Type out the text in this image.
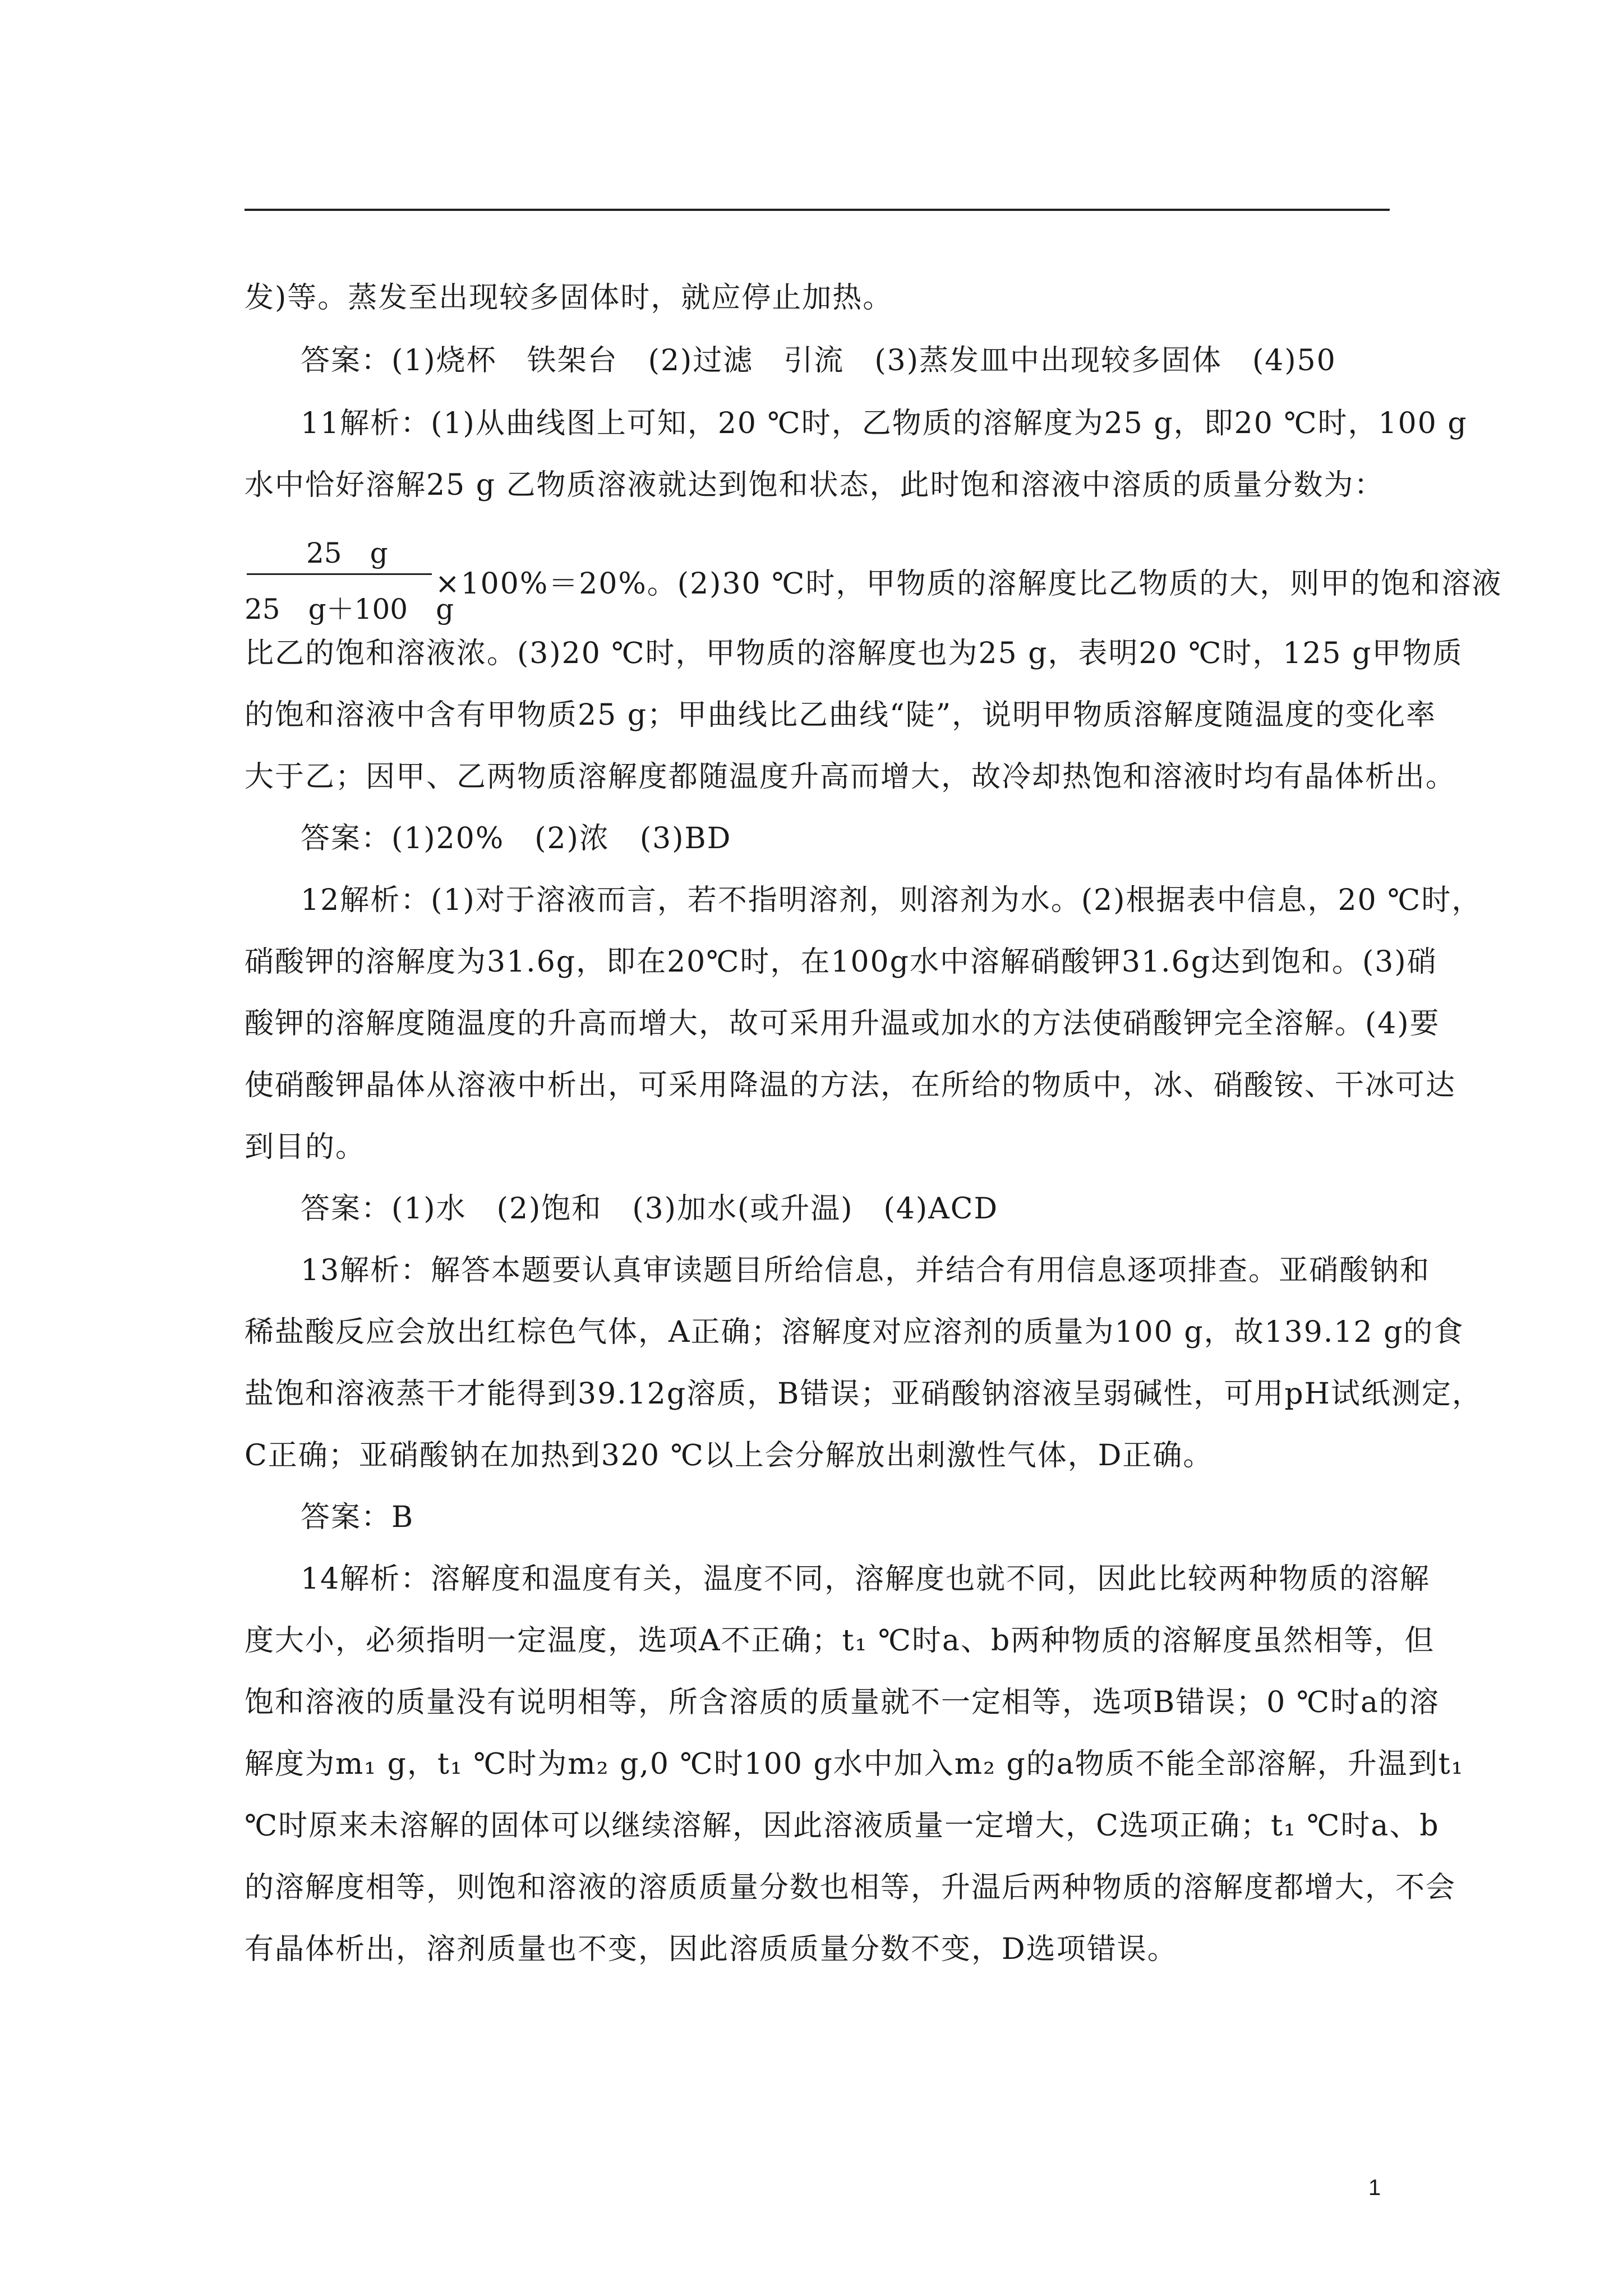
发)等。蒸发至出现较多固体时，就应停止加热。
答案：(1)烧杯　铁架台　(2)过滤　引流　(3)蒸发皿中出现较多固体　(4)50
11解析：(1)从曲线图上可知，20 ℃时，乙物质的溶解度为25 g，即20 ℃时，100 g
水中恰好溶解25 g 乙物质溶液就达到饱和状态，此时饱和溶液中溶质的质量分数为：
25　g
25　g＋100　g
×100%＝20%。(2)30 ℃时，甲物质的溶解度比乙物质的大，则甲的饱和溶液
比乙的饱和溶液浓。(3)20 ℃时，甲物质的溶解度也为25 g，表明20 ℃时，125 g甲物质
的饱和溶液中含有甲物质25 g；甲曲线比乙曲线“陡”，说明甲物质溶解度随温度的变化率
大于乙；因甲、乙两物质溶解度都随温度升高而增大，故冷却热饱和溶液时均有晶体析出。
答案：(1)20%　(2)浓　(3)BD
12解析：(1)对于溶液而言，若不指明溶剂，则溶剂为水。(2)根据表中信息，20 ℃时，
硝酸钾的溶解度为31.6g，即在20℃时，在100g水中溶解硝酸钾31.6g达到饱和。(3)硝
酸钾的溶解度随温度的升高而增大，故可采用升温或加水的方法使硝酸钾完全溶解。(4)要
使硝酸钾晶体从溶液中析出，可采用降温的方法，在所给的物质中，冰、硝酸铵、干冰可达
到目的。
答案：(1)水　(2)饱和　(3)加水(或升温)　(4)ACD
13解析：解答本题要认真审读题目所给信息，并结合有用信息逐项排查。亚硝酸钠和
稀盐酸反应会放出红棕色气体，A正确；溶解度对应溶剂的质量为100 g，故139.12 g的食
盐饱和溶液蒸干才能得到39.12g溶质，B错误；亚硝酸钠溶液呈弱碱性，可用pH试纸测定，
C正确；亚硝酸钠在加热到320 ℃以上会分解放出刺激性气体，D正确。
答案：B
14解析：溶解度和温度有关，温度不同，溶解度也就不同，因此比较两种物质的溶解
度大小，必须指明一定温度，选项A不正确；t₁ ℃时a、b两种物质的溶解度虽然相等，但
饱和溶液的质量没有说明相等，所含溶质的质量就不一定相等，选项B错误；0 ℃时a的溶
解度为m₁ g，t₁ ℃时为m₂ g,0 ℃时100 g水中加入m₂ g的a物质不能全部溶解，升温到t₁
℃时原来未溶解的固体可以继续溶解，因此溶液质量一定增大，C选项正确；t₁ ℃时a、b
的溶解度相等，则饱和溶液的溶质质量分数也相等，升温后两种物质的溶解度都增大，不会
有晶体析出，溶剂质量也不变，因此溶质质量分数不变，D选项错误。
1
